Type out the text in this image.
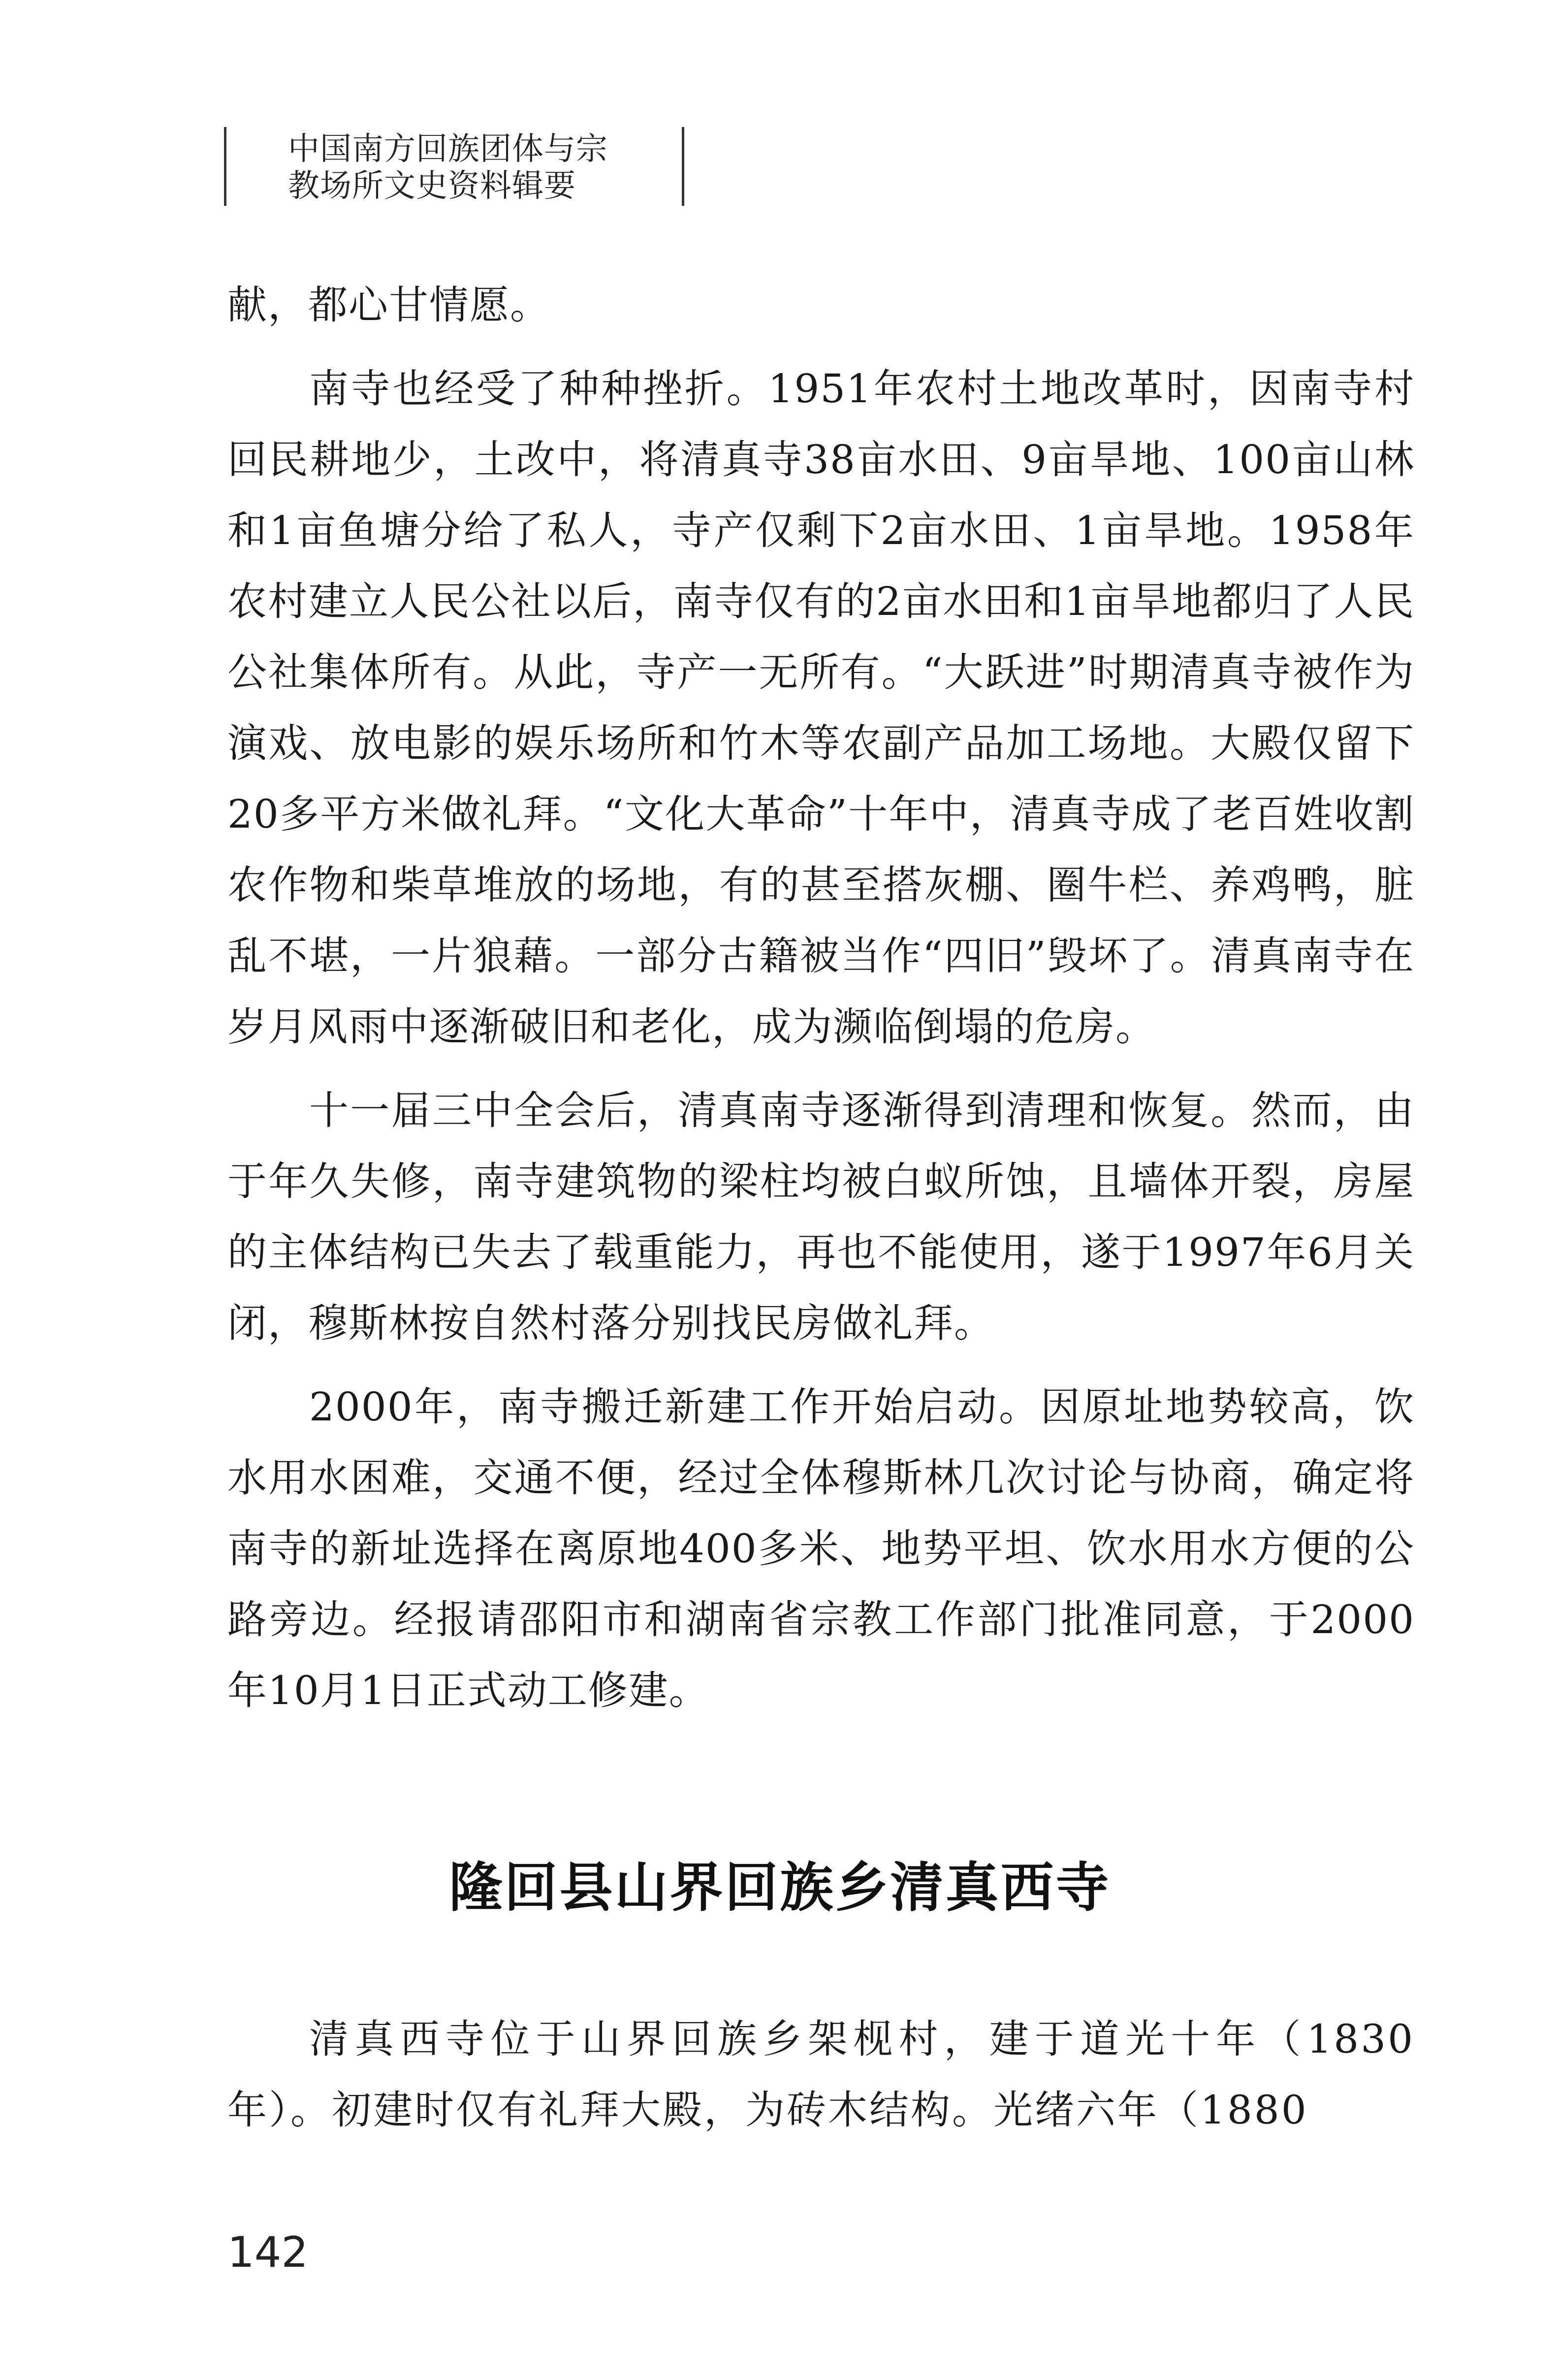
中国南方回族团体与宗
教场所文史资料辑要

献，都心甘情愿。

南寺也经受了种种挫折。1951年农村土地改革时，因南寺村回民耕地少，土改中，将清真寺38亩水田、9亩旱地、100亩山林和1亩鱼塘分给了私人，寺产仅剩下2亩水田、1亩旱地。1958年农村建立人民公社以后，南寺仅有的2亩水田和1亩旱地都归了人民公社集体所有。从此，寺产一无所有。“大跃进”时期清真寺被作为演戏、放电影的娱乐场所和竹木等农副产品加工场地。大殿仅留下20多平方米做礼拜。“文化大革命”十年中，清真寺成了老百姓收割农作物和柴草堆放的场地，有的甚至搭灰棚、圈牛栏、养鸡鸭，脏乱不堪，一片狼藉。一部分古籍被当作“四旧”毁坏了。清真南寺在岁月风雨中逐渐破旧和老化，成为濒临倒塌的危房。

十一届三中全会后，清真南寺逐渐得到清理和恢复。然而，由于年久失修，南寺建筑物的梁柱均被白蚁所蚀，且墙体开裂，房屋的主体结构已失去了载重能力，再也不能使用，遂于1997年6月关闭，穆斯林按自然村落分别找民房做礼拜。

2000年，南寺搬迁新建工作开始启动。因原址地势较高，饮水用水困难，交通不便，经过全体穆斯林几次讨论与协商，确定将南寺的新址选择在离原地400多米、地势平坦、饮水用水方便的公路旁边。经报请邵阳市和湖南省宗教工作部门批准同意，于2000年10月1日正式动工修建。

隆回县山界回族乡清真西寺

清真西寺位于山界回族乡架枧村，建于道光十年（1830年）。初建时仅有礼拜大殿，为砖木结构。光绪六年（1880

142
